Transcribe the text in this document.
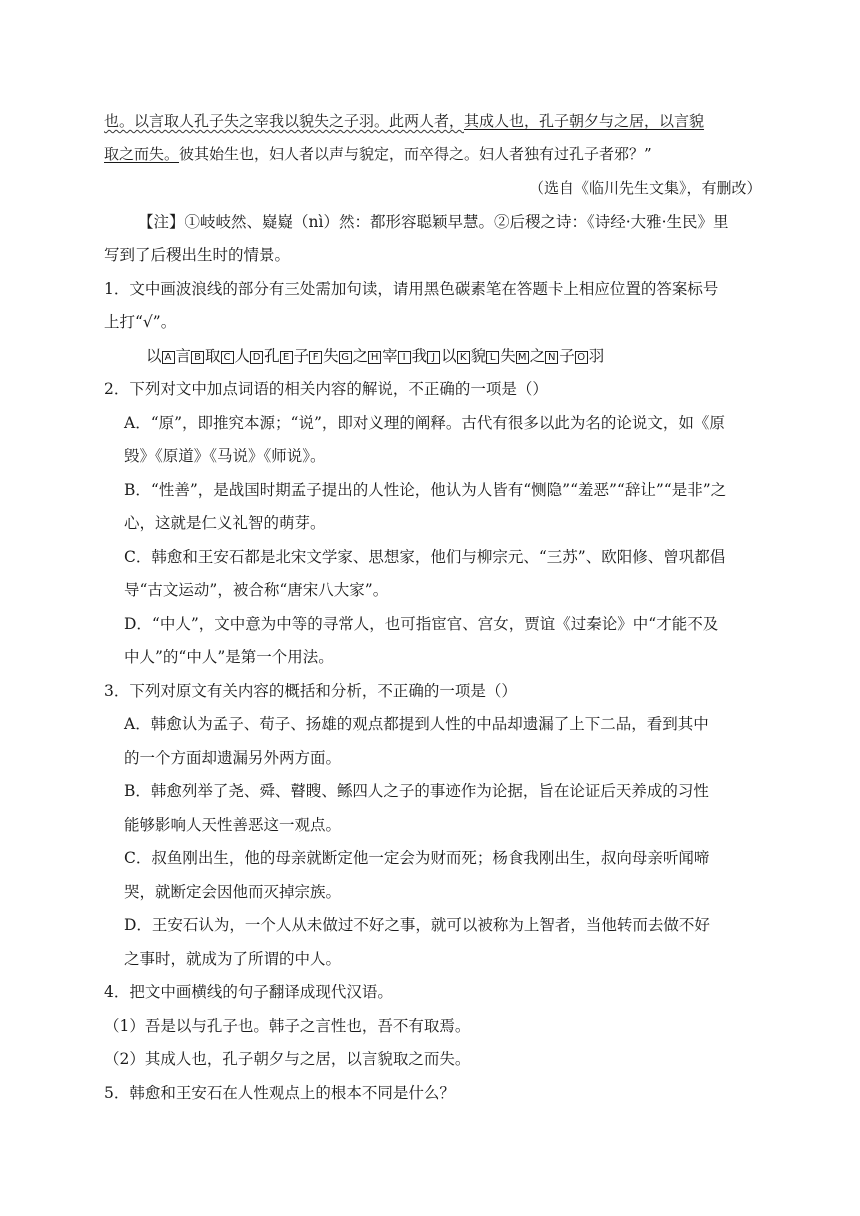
也。以言取人孔子失之宰我以貌失之子羽。此两人者，其成人也，孔子朝夕与之居，以言貌
取之而失。彼其始生也，妇人者以声与貌定，而卒得之。妇人者独有过孔子者邪？”
（选自《临川先生文集》，有删改）
【注】①岐岐然、嶷嶷（nì）然：都形容聪颖早慧。②后稷之诗：《诗经·大雅·生民》里
写到了后稷出生时的情景。
1．文中画波浪线的部分有三处需加句读，请用黑色碳素笔在答题卡上相应位置的答案标号
上打“√”。
以 A 言 B 取 C 人 D 孔 E 子 F 失 G 之 H 宰 I 我 J 以 K 貌 L 失 M 之 N 子 O 羽
2．下列对文中加点词语的相关内容的解说，不正确的一项是（）
A．“原”，即推究本源；“说”，即对义理的阐释。古代有很多以此为名的论说文，如《原
毁》《原道》《马说》《师说》。
B．“性善”，是战国时期孟子提出的人性论，他认为人皆有“恻隐”“羞恶”“辞让”“是非”之
心，这就是仁义礼智的萌芽。
C．韩愈和王安石都是北宋文学家、思想家，他们与柳宗元、“三苏”、欧阳修、曾巩都倡
导“古文运动”，被合称“唐宋八大家”。
D．“中人”，文中意为中等的寻常人，也可指宦官、宫女，贾谊《过秦论》中“才能不及
中人”的“中人”是第一个用法。
3．下列对原文有关内容的概括和分析，不正确的一项是（）
A．韩愈认为孟子、荀子、扬雄的观点都提到人性的中品却遗漏了上下二品，看到其中
的一个方面却遗漏另外两方面。
B．韩愈列举了尧、舜、瞽瞍、鲧四人之子的事迹作为论据，旨在论证后天养成的习性
能够影响人天性善恶这一观点。
C．叔鱼刚出生，他的母亲就断定他一定会为财而死；杨食我刚出生，叔向母亲听闻啼
哭，就断定会因他而灭掉宗族。
D．王安石认为，一个人从未做过不好之事，就可以被称为上智者，当他转而去做不好
之事时，就成为了所谓的中人。
4．把文中画横线的句子翻译成现代汉语。
（1）吾是以与孔子也。韩子之言性也，吾不有取焉。
（2）其成人也，孔子朝夕与之居，以言貌取之而失。
5．韩愈和王安石在人性观点上的根本不同是什么？
